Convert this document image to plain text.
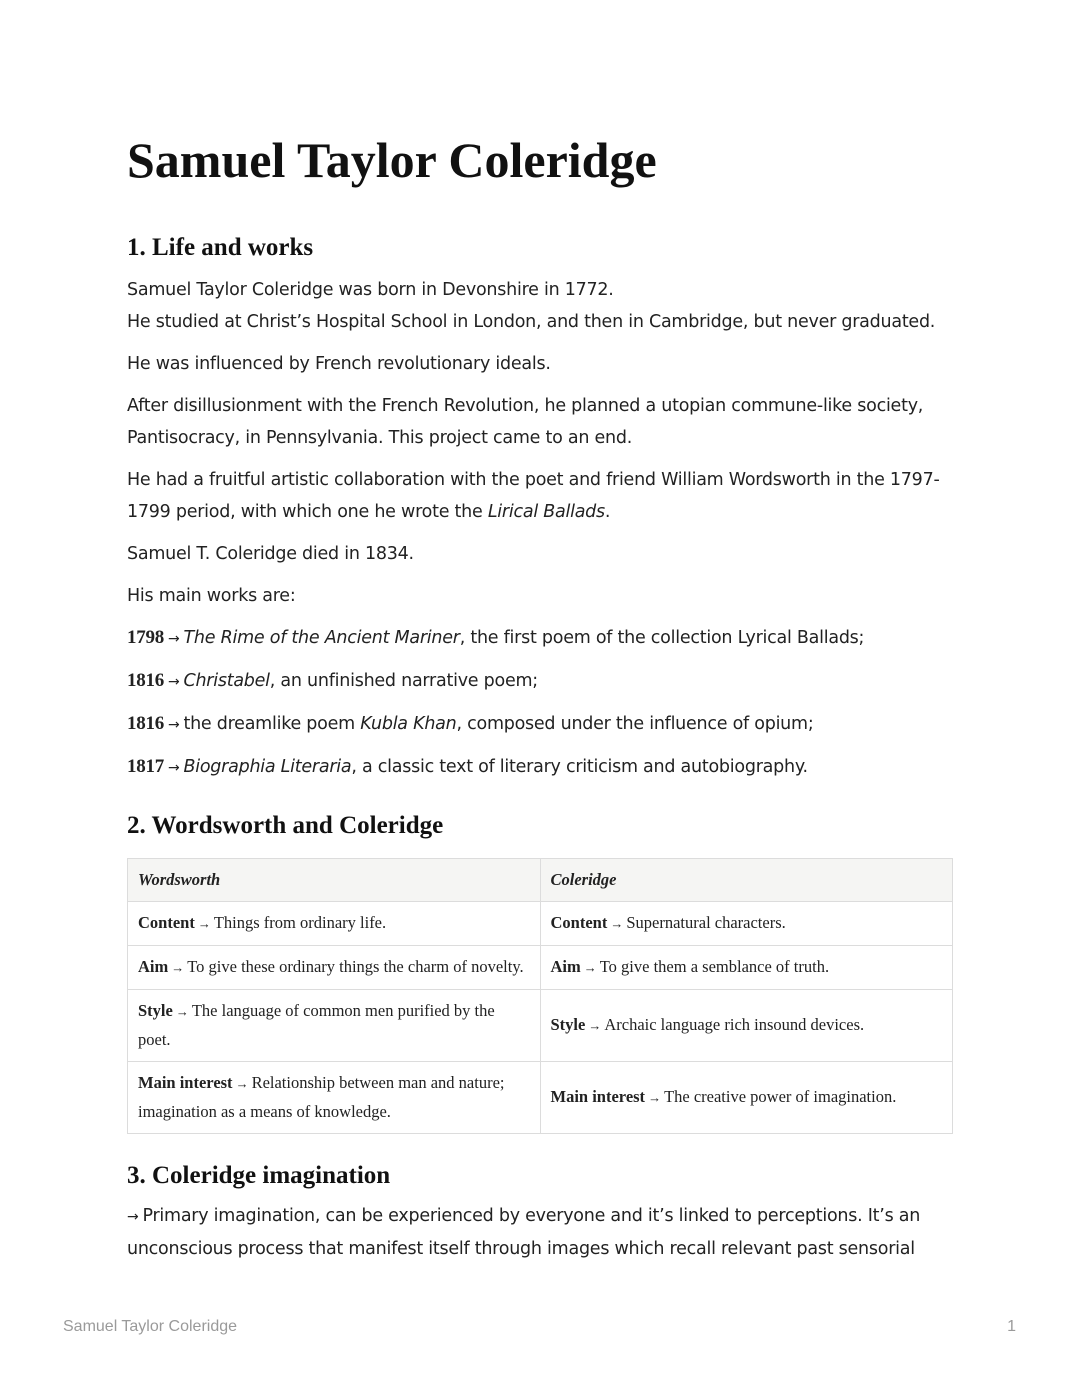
Samuel Taylor Coleridge
1. Life and works

Samuel Taylor Coleridge was born in Devonshire in 1772.

He studied at Christ’s Hospital School in London, and then in Cambridge, but never graduated.

He was influenced by French revolutionary ideals.

After disillusionment with the French Revolution, he planned a utopian commune-like society, Pantisocracy, in Pennsylvania. This project came to an end.

He had a fruitful artistic collaboration with the poet and friend William Wordsworth in the 1797-1799 period, with which one he wrote the Lirical Ballads.

Samuel T. Coleridge died in 1834.

His main works are:

1798 → The Rime of the Ancient Mariner, the first poem of the collection Lyrical Ballads;

1816 → Christabel, an unfinished narrative poem;

1816 → the dreamlike poem Kubla Khan, composed under the influence of opium;

1817 → Biographia Literaria, a classic text of literary criticism and autobiography.

2. Wordsworth and Coleridge
Wordsworth	Coleridge
Content → Things from ordinary life.	Content → Supernatural characters.
Aim → To give these ordinary things the charm of novelty.	Aim → To give them a semblance of truth.
Style → The language of common men purified by the poet.	Style → Archaic language rich insound devices.
Main interest → Relationship between man and nature; imagination as a means of knowledge.	Main interest → The creative power of imagination.
3. Coleridge imagination

→ Primary imagination, can be experienced by everyone and it’s linked to perceptions. It’s an unconscious process that manifest itself through images which recall relevant past sensorial

Samuel Taylor Coleridge	1
